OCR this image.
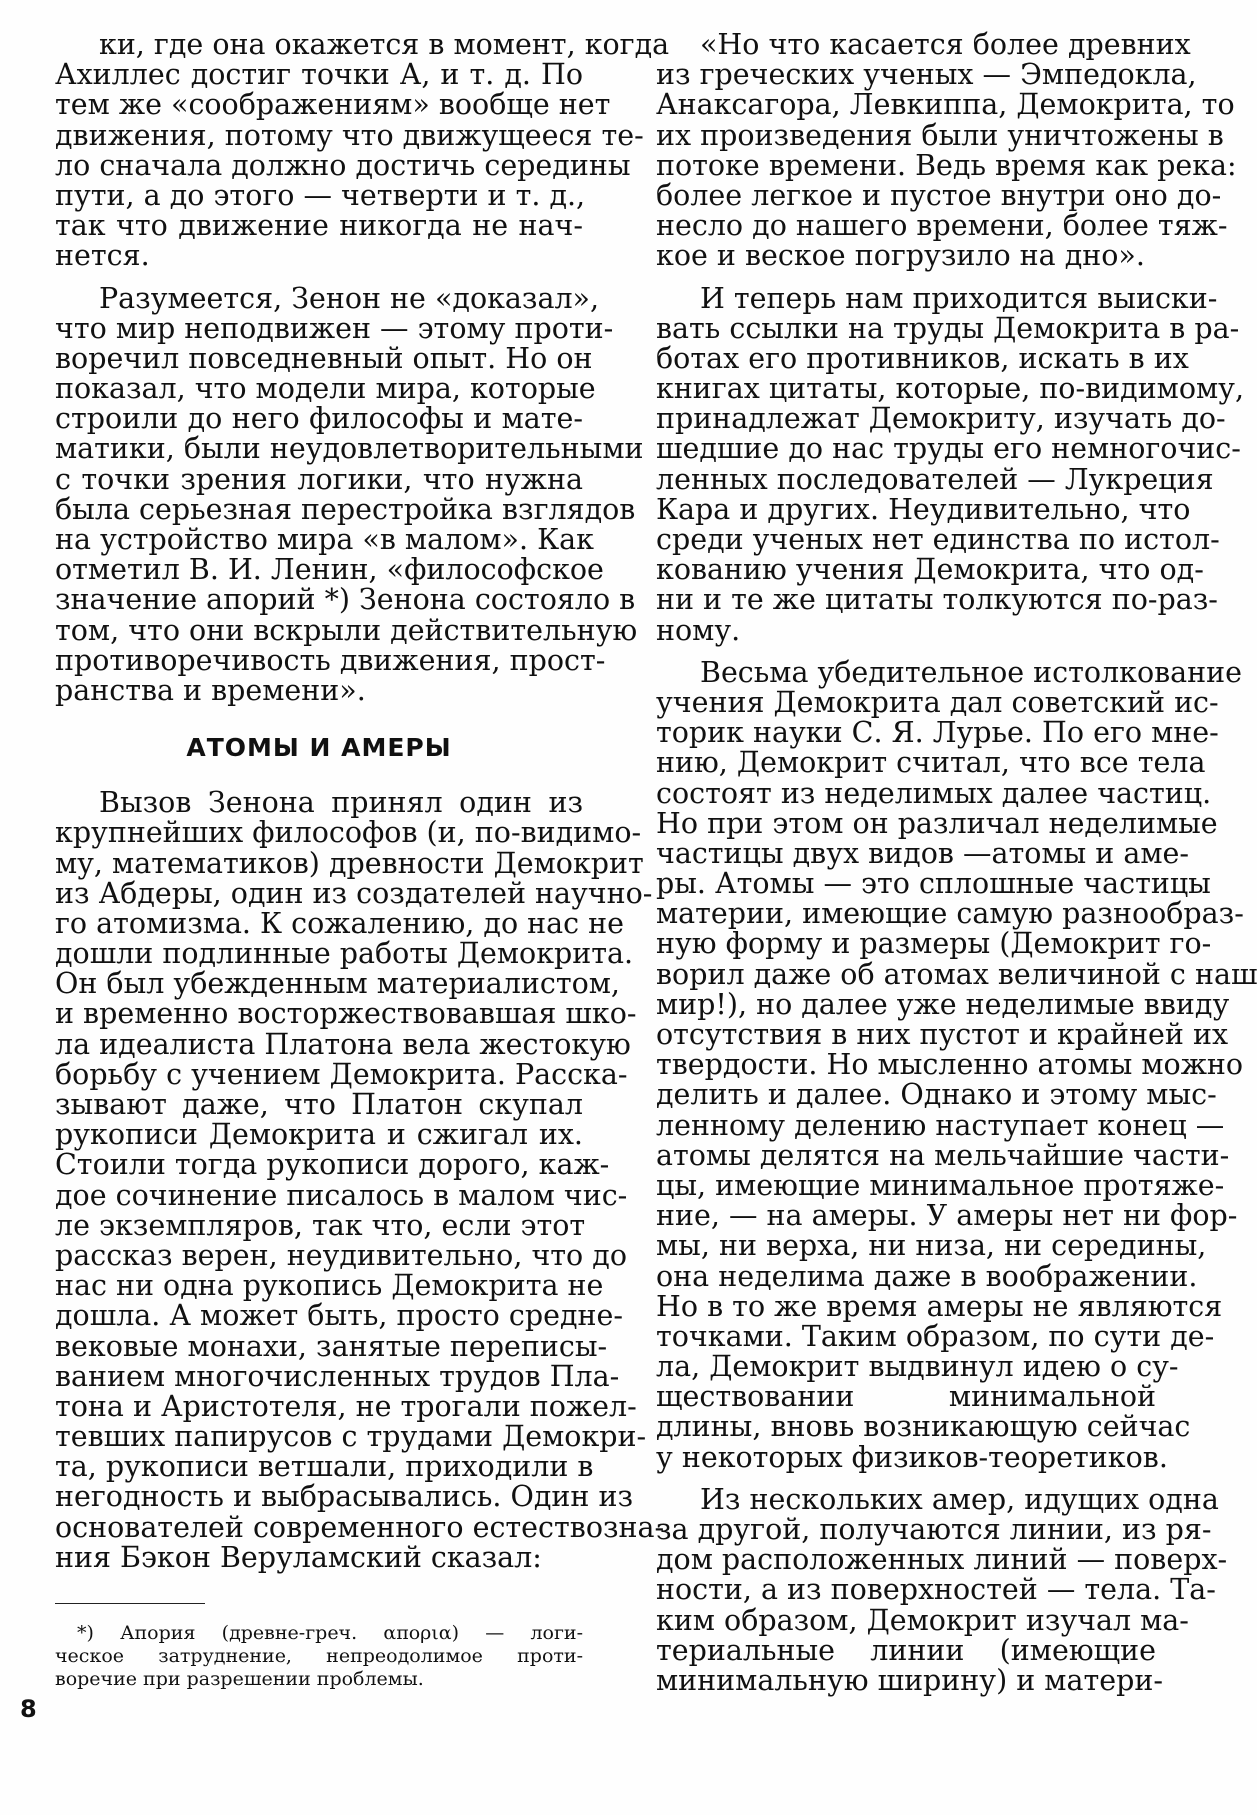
ки, где она окажется в момент, когда
Ахиллес достиг точки А, и т. д. По
тем же «соображениям» вообще нет
движения, потому что движущееся те-
ло сначала должно достичь середины
пути, а до этого — четверти и т. д.,
так что движение никогда не нач-
нется.
Разумеется, Зенон не «доказал»,
что мир неподвижен — этому проти-
воречил повседневный опыт. Но он
показал, что модели мира, которые
строили до него философы и мате-
матики, были неудовлетворительными
с точки зрения логики, что нужна
была серьезная перестройка взглядов
на устройство мира «в малом». Как
отметил В. И. Ленин, «философское
значение апорий *) Зенона состояло в
том, что они вскрыли действительную
противоречивость движения, прост-
ранства и времени».
АТОМЫ И АМЕРЫ
Вызов Зенона принял один из
крупнейших философов (и, по-видимо-
му, математиков) древности Демокрит
из Абдеры, один из создателей научно-
го атомизма. К сожалению, до нас не
дошли подлинные работы Демокрита.
Он был убежденным материалистом,
и временно восторжествовавшая шко-
ла идеалиста Платона вела жестокую
борьбу с учением Демокрита. Расска-
зывают даже, что Платон скупал
рукописи Демокрита и сжигал их.
Стоили тогда рукописи дорого, каж-
дое сочинение писалось в малом чис-
ле экземпляров, так что, если этот
рассказ верен, неудивительно, что до
нас ни одна рукопись Демокрита не
дошла. А может быть, просто средне-
вековые монахи, занятые переписы-
ванием многочисленных трудов Пла-
тона и Аристотеля, не трогали пожел-
тевших папирусов с трудами Демокри-
та, рукописи ветшали, приходили в
негодность и выбрасывались. Один из
основателей современного естествозна-
ния Бэкон Веруламский сказал:
*) Апория (древне-греч. απορια) — логи-
ческое затруднение, непреодолимое проти-
воречие при разрешении проблемы.
«Но что касается более древних
из греческих ученых — Эмпедокла,
Анаксагора, Левкиппа, Демокрита, то
их произведения были уничтожены в
потоке времени. Ведь время как река:
более легкое и пустое внутри оно до-
несло до нашего времени, более тяж-
кое и веское погрузило на дно».
И теперь нам приходится выиски-
вать ссылки на труды Демокрита в ра-
ботах его противников, искать в их
книгах цитаты, которые, по-видимому,
принадлежат Демокриту, изучать до-
шедшие до нас труды его немногочис-
ленных последователей — Лукреция
Кара и других. Неудивительно, что
среди ученых нет единства по истол-
кованию учения Демокрита, что од-
ни и те же цитаты толкуются по-раз-
ному.
Весьма убедительное истолкование
учения Демокрита дал советский ис-
торик науки С. Я. Лурье. По его мне-
нию, Демокрит считал, что все тела
состоят из неделимых далее частиц.
Но при этом он различал неделимые
частицы двух видов —атомы и аме-
ры. Атомы — это сплошные частицы
материи, имеющие самую разнообраз-
ную форму и размеры (Демокрит го-
ворил даже об атомах величиной с наш
мир!), но далее уже неделимые ввиду
отсутствия в них пустот и крайней их
твердости. Но мысленно атомы можно
делить и далее. Однако и этому мыс-
ленному делению наступает конец —
атомы делятся на мельчайшие части-
цы, имеющие минимальное протяже-
ние, — на амеры. У амеры нет ни фор-
мы, ни верха, ни низа, ни середины,
она неделима даже в воображении.
Но в то же время амеры не являются
точками. Таким образом, по сути де-
ла, Демокрит выдвинул идею о су-
ществовании минимальной
длины, вновь возникающую сейчас
у некоторых физиков-теоретиков.
Из нескольких амер, идущих одна
за другой, получаются линии, из ря-
дом расположенных линий — поверх-
ности, а из поверхностей — тела. Та-
ким образом, Демокрит изучал ма-
териальные линии (имеющие
минимальную ширину) и матери-
8
